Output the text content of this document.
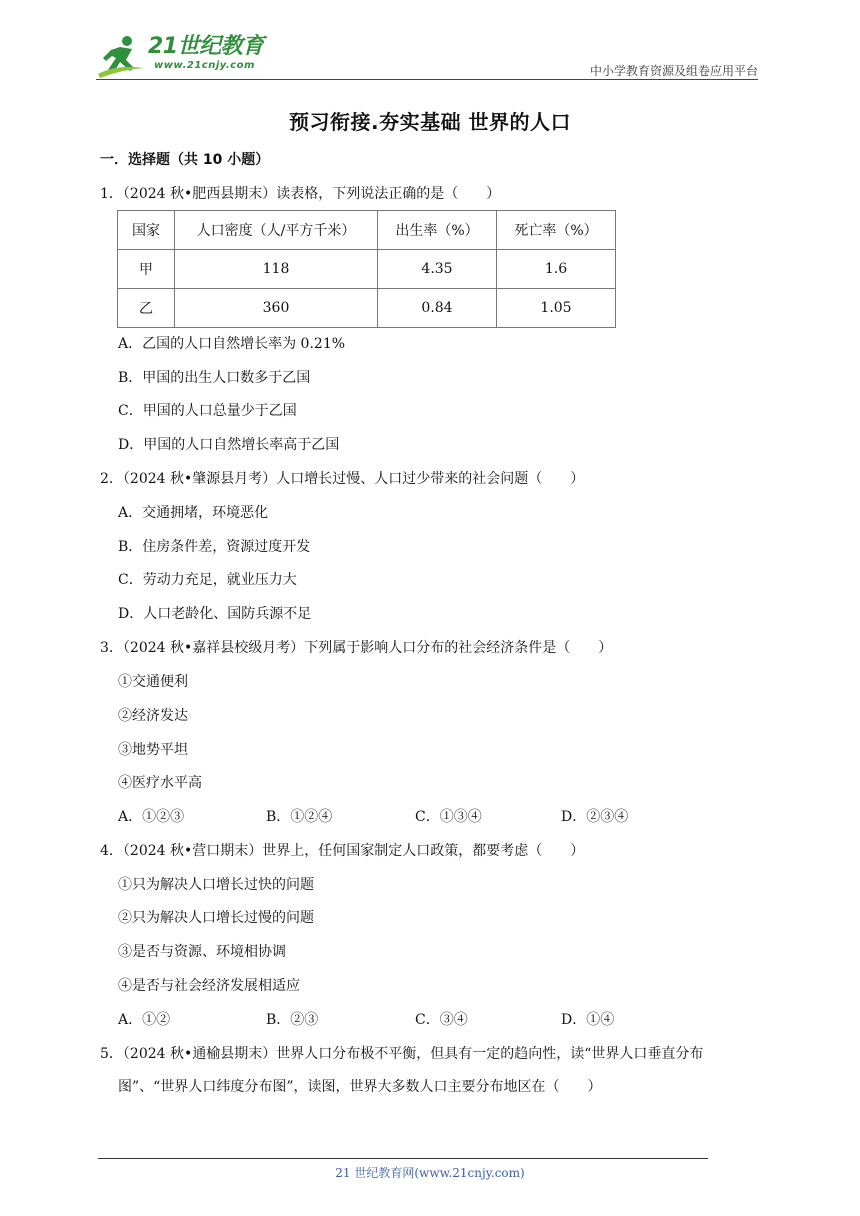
21世纪教育
www.21cnjy.com	中小学教育资源及组卷应用平台
预习衔接.夯实基础 世界的人口
一．选择题（共 10 小题）
1．（2024 秋•肥西县期末）读表格，下列说法正确的是（　　）
国家	人口密度（人/平方千米）	出生率（%）	死亡率（%）
甲	118	4.35	1.6
乙	360	0.84	1.05
A．乙国的人口自然增长率为 0.21%
B．甲国的出生人口数多于乙国
C．甲国的人口总量少于乙国
D．甲国的人口自然增长率高于乙国
2．（2024 秋•肇源县月考）人口增长过慢、人口过少带来的社会问题（　　）
A．交通拥堵，环境恶化
B．住房条件差，资源过度开发
C．劳动力充足，就业压力大
D．人口老龄化、国防兵源不足
3．（2024 秋•嘉祥县校级月考）下列属于影响人口分布的社会经济条件是（　　）
①交通便利
②经济发达
③地势平坦
④医疗水平高
A．①②③	B．①②④	C．①③④	D．②③④
4．（2024 秋•营口期末）世界上，任何国家制定人口政策，都要考虑（　　）
①只为解决人口增长过快的问题
②只为解决人口增长过慢的问题
③是否与资源、环境相协调
④是否与社会经济发展相适应
A．①②	B．②③	C．③④	D．①④
5．（2024 秋•通榆县期末）世界人口分布极不平衡，但具有一定的趋向性，读“世界人口垂直分布
图”、“世界人口纬度分布图”，读图，世界大多数人口主要分布地区在（　　）
21 世纪教育网(www.21cnjy.com)
